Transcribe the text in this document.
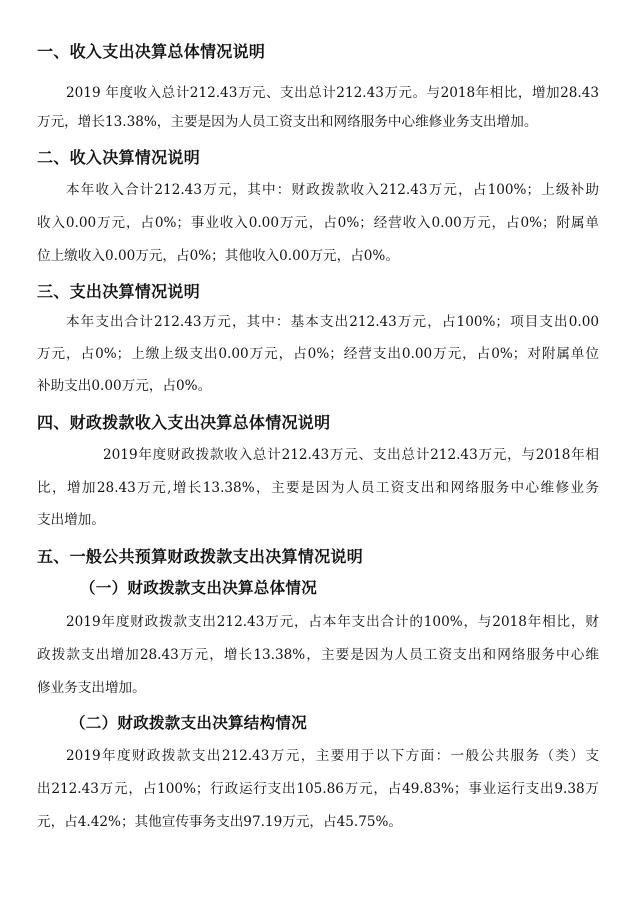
一、收入支出决算总体情况说明
2019 年度收入总计212.43万元、支出总计212.43万元。与2018年相比，增加28.43
万元，增长13.38%，主要是因为人员工资支出和网络服务中心维修业务支出增加。
二、收入决算情况说明
本年收入合计212.43万元，其中：财政拨款收入212.43万元，占100%；上级补助
收入0.00万元，占0%；事业收入0.00万元，占0%；经营收入0.00万元，占0%；附属单
位上缴收入0.00万元，占0%；其他收入0.00万元，占0%。
三、支出决算情况说明
本年支出合计212.43万元，其中：基本支出212.43万元，占100%；项目支出0.00
万元，占0%；上缴上级支出0.00万元，占0%；经营支出0.00万元，占0%；对附属单位
补助支出0.00万元，占0%。
四、财政拨款收入支出决算总体情况说明
2019年度财政拨款收入总计212.43万元、支出总计212.43万元，与2018年相
比，增加28.43万元,增长13.38%，主要是因为人员工资支出和网络服务中心维修业务
支出增加。
五、一般公共预算财政拨款支出决算情况说明
（一）财政拨款支出决算总体情况
2019年度财政拨款支出212.43万元，占本年支出合计的100%，与2018年相比，财
政拨款支出增加28.43万元，增长13.38%，主要是因为人员工资支出和网络服务中心维
修业务支出增加。
（二）财政拨款支出决算结构情况
2019年度财政拨款支出212.43万元，主要用于以下方面：一般公共服务（类）支
出212.43万元，占100%；行政运行支出105.86万元，占49.83%；事业运行支出9.38万
元，占4.42%；其他宣传事务支出97.19万元，占45.75%。
